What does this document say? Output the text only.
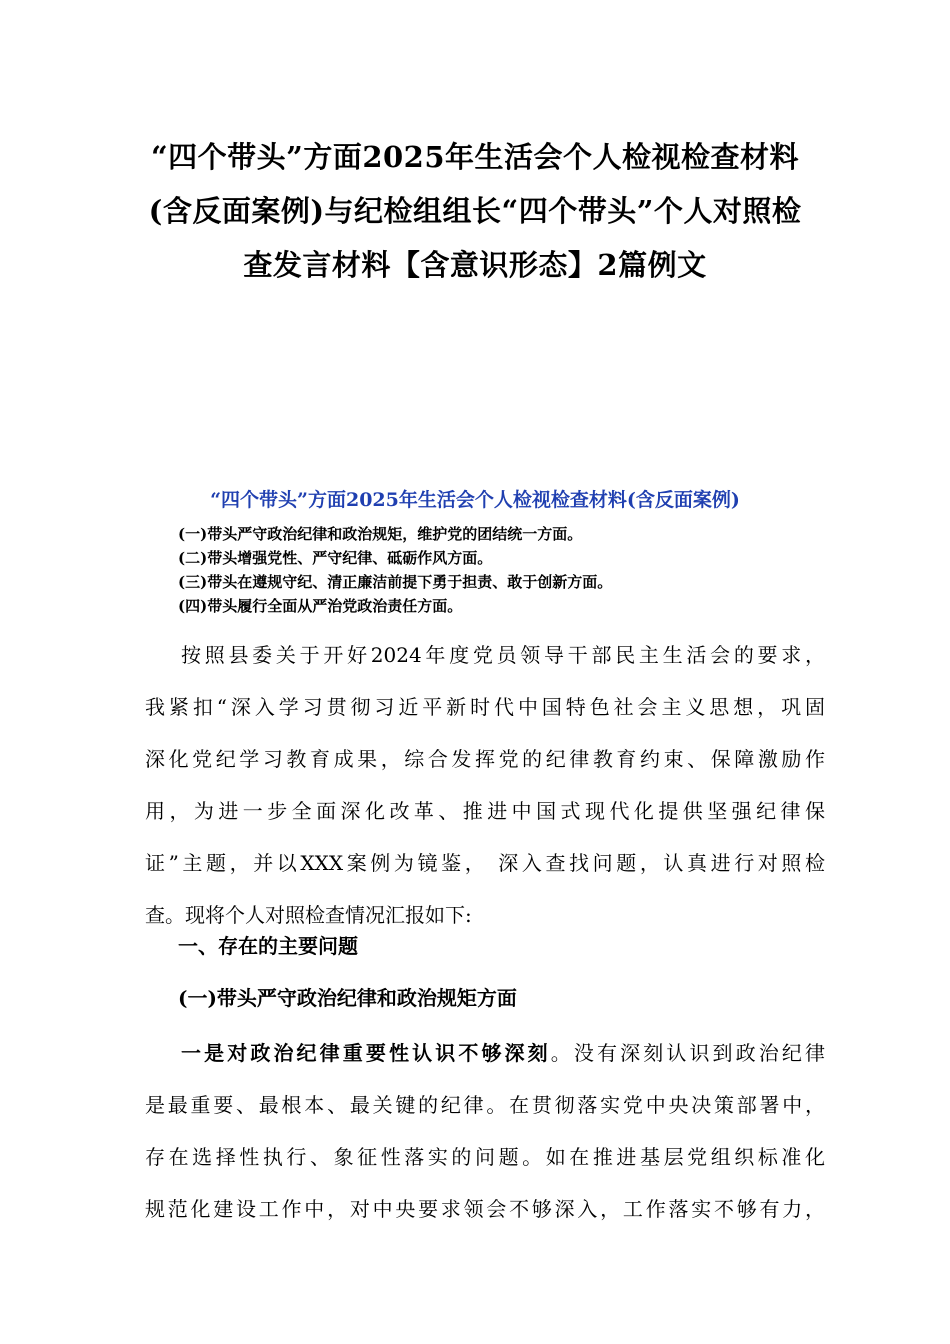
“四个带头”方面2025年生活会个人检视检查材料
(含反面案例)与纪检组组长“四个带头”个人对照检
查发言材料【含意识形态】2篇例文
“四个带头”方面2025年生活会个人检视检查材料(含反面案例)
(一)带头严守政治纪律和政治规矩，维护党的团结统一方面。
(二)带头增强党性、严守纪律、砥砺作风方面。
(三)带头在遵规守纪、清正廉洁前提下勇于担责、敢于创新方面。
(四)带头履行全面从严治党政治责任方面。
按照县委关于开好2024年度党员领导干部民主生活会的要求，
我紧扣“深入学习贯彻习近平新时代中国特色社会主义思想，巩固
深化党纪学习教育成果，综合发挥党的纪律教育约束、保障激励作
用，为进一步全面深化改革、推进中国式现代化提供坚强纪律保
证”主题，并以XXX案例为镜鉴， 深入查找问题，认真进行对照检
查。现将个人对照检查情况汇报如下:
一、存在的主要问题
(一)带头严守政治纪律和政治规矩方面
一是对政治纪律重要性认识不够深刻。没有深刻认识到政治纪律
是最重要、最根本、最关键的纪律。在贯彻落实党中央决策部署中，
存在选择性执行、象征性落实的问题。如在推进基层党组织标准化
规范化建设工作中，对中央要求领会不够深入，工作落实不够有力，
